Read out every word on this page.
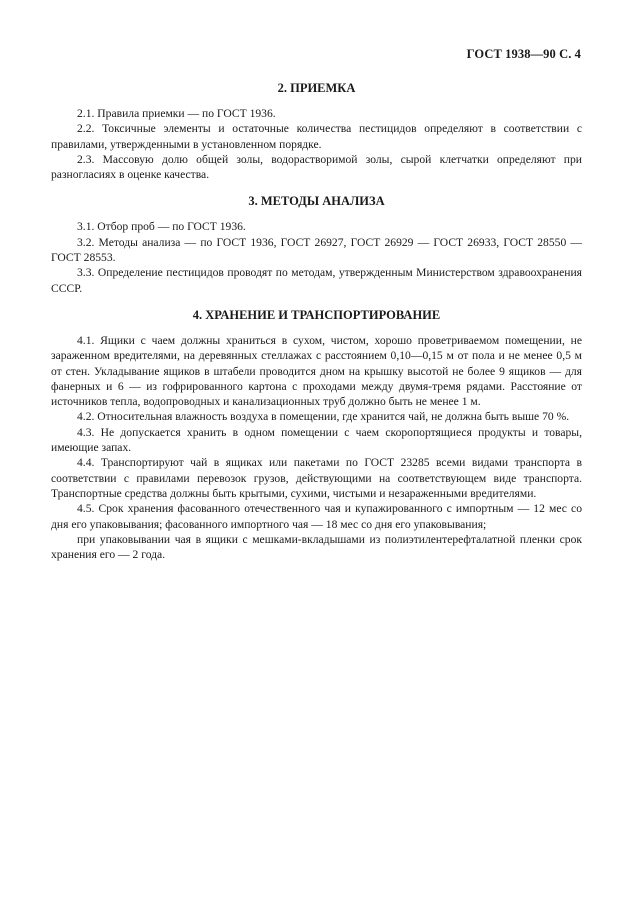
ГОСТ 1938—90 С. 4
2. ПРИЕМКА

2.1. Правила приемки — по ГОСТ 1936.

2.2. Токсичные элементы и остаточные количества пестицидов определяют в соответствии с правилами, утвержденными в установленном порядке.

2.3. Массовую долю общей золы, водорастворимой золы, сырой клетчатки определяют при разногласиях в оценке качества.

3. МЕТОДЫ АНАЛИЗА

3.1. Отбор проб — по ГОСТ 1936.

3.2. Методы анализа — по ГОСТ 1936, ГОСТ 26927, ГОСТ 26929 — ГОСТ 26933, ГОСТ 28550 — ГОСТ 28553.

3.3. Определение пестицидов проводят по методам, утвержденным Министерством здравоохранения СССР.

4. ХРАНЕНИЕ И ТРАНСПОРТИРОВАНИЕ

4.1. Ящики с чаем должны храниться в сухом, чистом, хорошо проветриваемом помещении, не зараженном вредителями, на деревянных стеллажах с расстоянием 0,10—0,15 м от пола и не менее 0,5 м от стен. Укладывание ящиков в штабели проводится дном на крышку высотой не более 9 ящиков — для фанерных и 6 — из гофрированного картона с проходами между двумя-тремя рядами. Расстояние от источников тепла, водопроводных и канализационных труб должно быть не менее 1 м.

4.2. Относительная влажность воздуха в помещении, где хранится чай, не должна быть выше 70 %.

4.3. Не допускается хранить в одном помещении с чаем скоропортящиеся продукты и товары, имеющие запах.

4.4. Транспортируют чай в ящиках или пакетами по ГОСТ 23285 всеми видами транспорта в соответствии с правилами перевозок грузов, действующими на соответствующем виде транспорта. Транспортные средства должны быть крытыми, сухими, чистыми и незараженными вредителями.

4.5. Срок хранения фасованного отечественного чая и купажированного с импортным — 12 мес со дня его упаковывания; фасованного импортного чая — 18 мес со дня его упаковывания;

при упаковывании чая в ящики с мешками-вкладышами из полиэтилентерефталатной пленки срок хранения его — 2 года.
